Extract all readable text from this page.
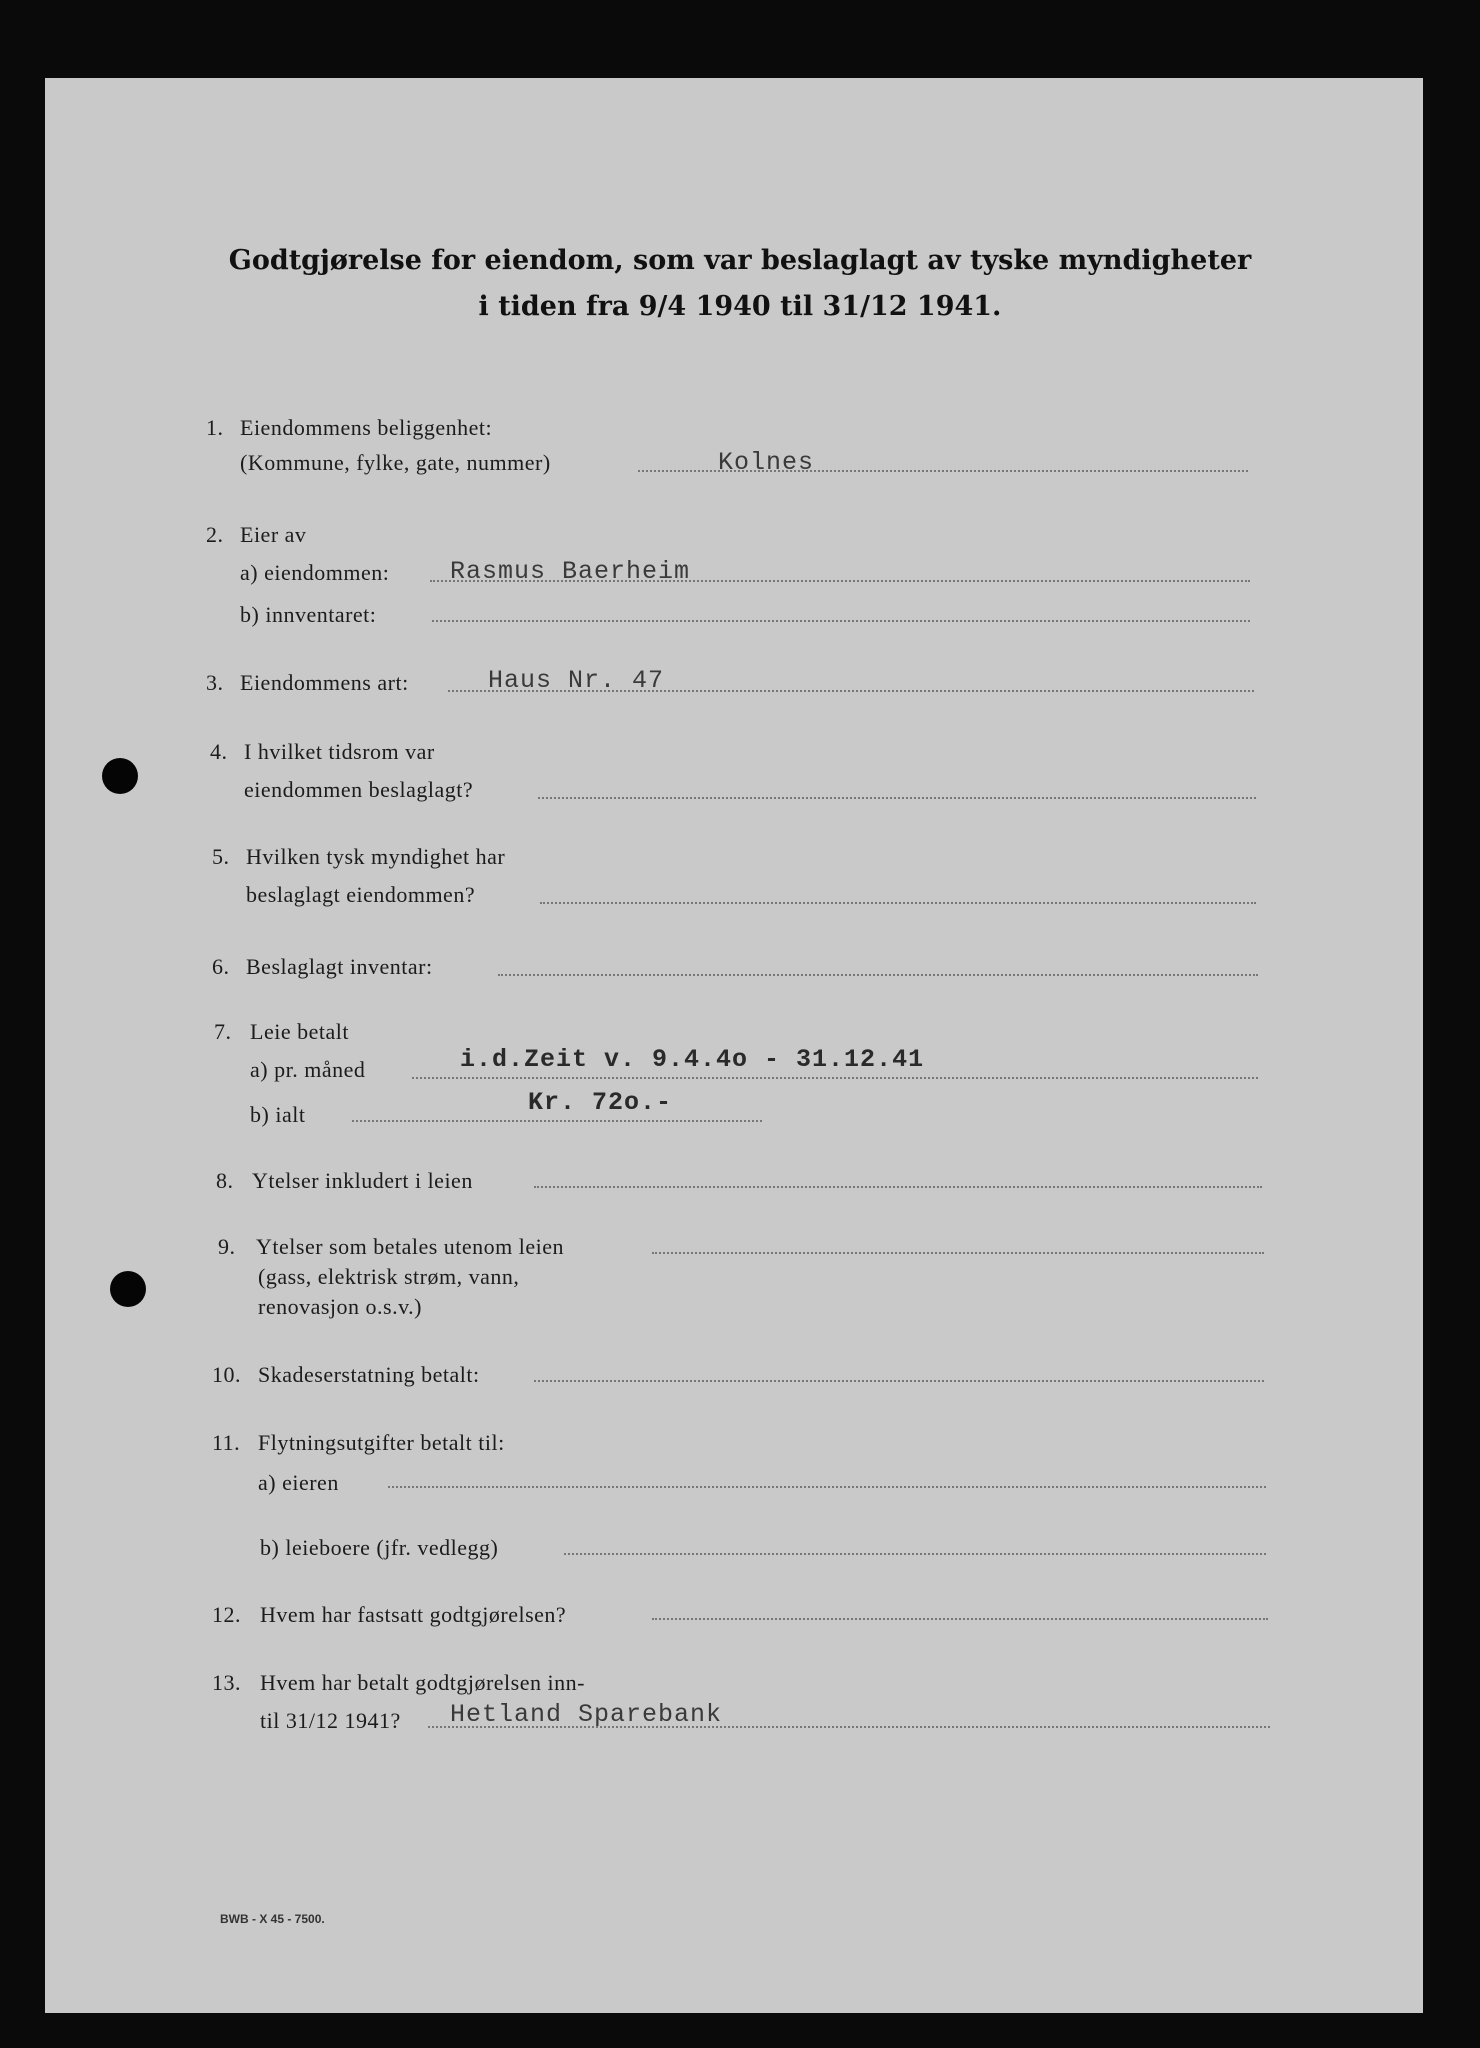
Godtgjørelse for eiendom, som var beslaglagt av tyske myndigheter
i tiden fra 9/4 1940 til 31/12 1941.
1. Eiendommens beliggenhet:
(Kommune, fylke, gate, nummer)	Kolnes
2. Eier av
a) eiendommen: Rasmus Baerheim
b) innventaret:
3. Eiendommens art:	Haus Nr. 47
4. I hvilket tidsrom var
eiendommen beslaglagt?
5. Hvilken tysk myndighet har
beslaglagt eiendommen?
6. Beslaglagt inventar:
7. Leie betalt
a) pr. måned	i.d.Zeit v. 9.4.4o - 31.12.41
b) ialt	Kr. 72o.-
8. Ytelser inkludert i leien
9. Ytelser som betales utenom leien
(gass, elektrisk strøm, vann,
renovasjon o.s.v.)
10. Skadeserstatning betalt:
11. Flytningsutgifter betalt til:
a) eieren
b) leieboere (jfr. vedlegg)
12. Hvem har fastsatt godtgjørelsen?
13. Hvem har betalt godtgjørelsen inn-
til 31/12 1941? Hetland Sparebank
BWB - X 45 - 7500.
